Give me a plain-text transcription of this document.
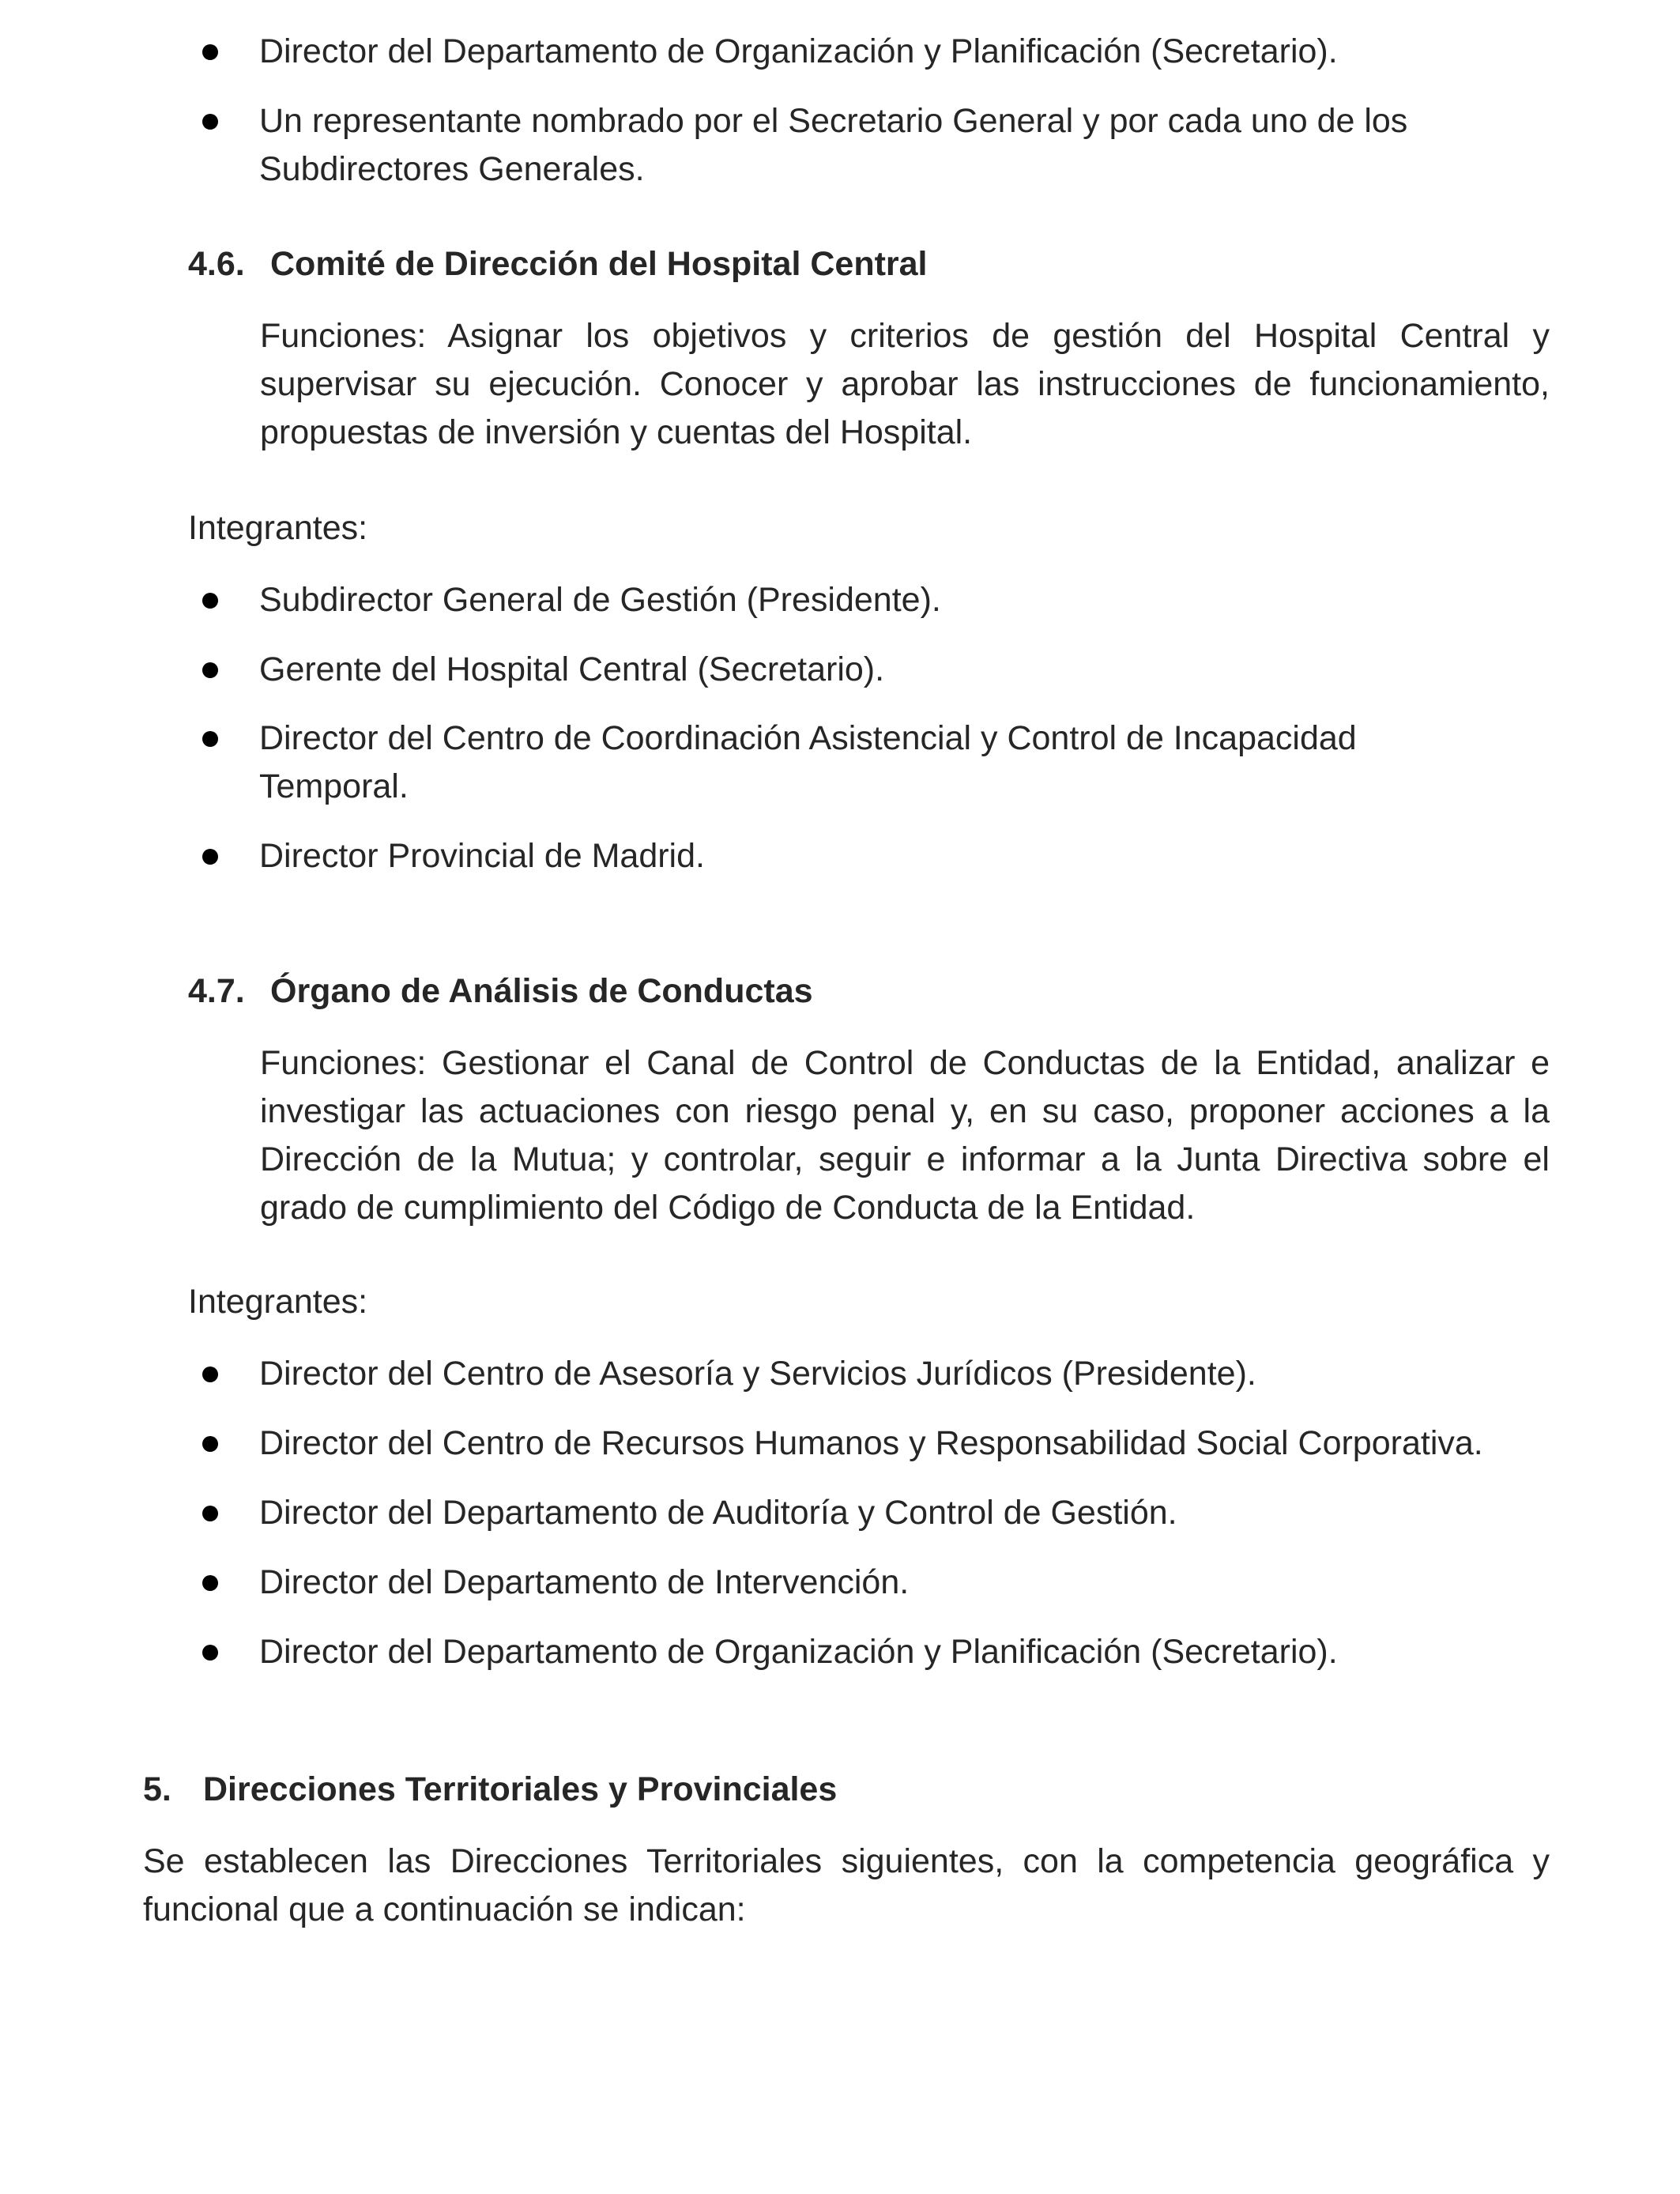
Director del Departamento de Organización y Planificación (Secretario).
Un representante nombrado por el Secretario General y por cada uno de los Subdirectores Generales.
4.6. Comité de Dirección del Hospital Central
Funciones: Asignar los objetivos y criterios de gestión del Hospital Central y supervisar su ejecución. Conocer y aprobar las instrucciones de funcionamiento, propuestas de inversión y cuentas del Hospital.
Integrantes:
Subdirector General de Gestión (Presidente).
Gerente del Hospital Central (Secretario).
Director del Centro de Coordinación Asistencial y Control de Incapacidad Temporal.
Director Provincial de Madrid.
4.7. Órgano de Análisis de Conductas
Funciones: Gestionar el Canal de Control de Conductas de la Entidad, analizar e investigar las actuaciones con riesgo penal y, en su caso, proponer acciones a la Dirección de la Mutua; y controlar, seguir e informar a la Junta Directiva sobre el grado de cumplimiento del Código de Conducta de la Entidad.
Integrantes:
Director del Centro de Asesoría y Servicios Jurídicos (Presidente).
Director del Centro de Recursos Humanos y Responsabilidad Social Corporativa.
Director del Departamento de Auditoría y Control de Gestión.
Director del Departamento de Intervención.
Director del Departamento de Organización y Planificación (Secretario).
5. Direcciones Territoriales y Provinciales
Se establecen las Direcciones Territoriales siguientes, con la competencia geográfica y funcional que a continuación se indican:
